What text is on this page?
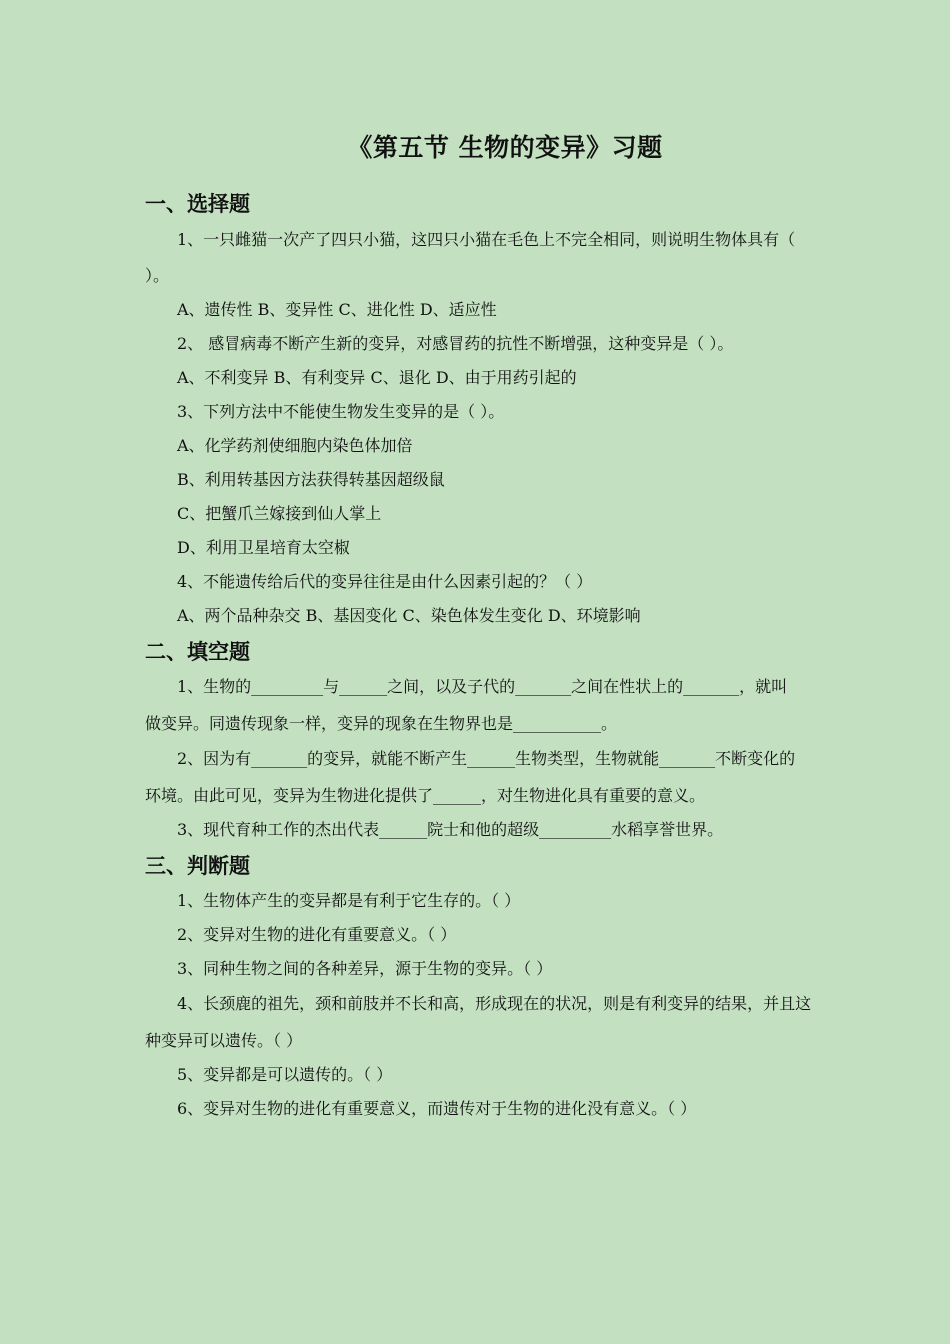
《第五节 生物的变异》习题
一、选择题
1、一只雌猫一次产了四只小猫，这四只小猫在毛色上不完全相同，则说明生物体具有（
）。
A、遗传性 B、变异性 C、进化性 D、适应性
2、 感冒病毒不断产生新的变异，对感冒药的抗性不断增强，这种变异是（ ）。
A、不利变异 B、有利变异 C、退化 D、由于用药引起的
3、下列方法中不能使生物发生变异的是（ ）。
A、化学药剂使细胞内染色体加倍
B、利用转基因方法获得转基因超级鼠
C、把蟹爪兰嫁接到仙人掌上
D、利用卫星培育太空椒
4、不能遗传给后代的变异往往是由什么因素引起的？（ ）
A、两个品种杂交 B、基因变化 C、染色体发生变化 D、环境影响
二、填空题
1、生物的_________与______之间，以及子代的_______之间在性状上的_______，就叫
做变异。同遗传现象一样，变异的现象在生物界也是___________。
2、因为有_______的变异，就能不断产生______生物类型，生物就能_______不断变化的
环境。由此可见，变异为生物进化提供了______，对生物进化具有重要的意义。
3、现代育种工作的杰出代表______院士和他的超级_________水稻享誉世界。
三、判断题
1、生物体产生的变异都是有利于它生存的。（ ）
2、变异对生物的进化有重要意义。（ ）
3、同种生物之间的各种差异，源于生物的变异。（ ）
4、长颈鹿的祖先，颈和前肢并不长和高，形成现在的状况，则是有利变异的结果，并且这
种变异可以遗传。（ ）
5、变异都是可以遗传的。（ ）
6、变异对生物的进化有重要意义，而遗传对于生物的进化没有意义。（ ）
